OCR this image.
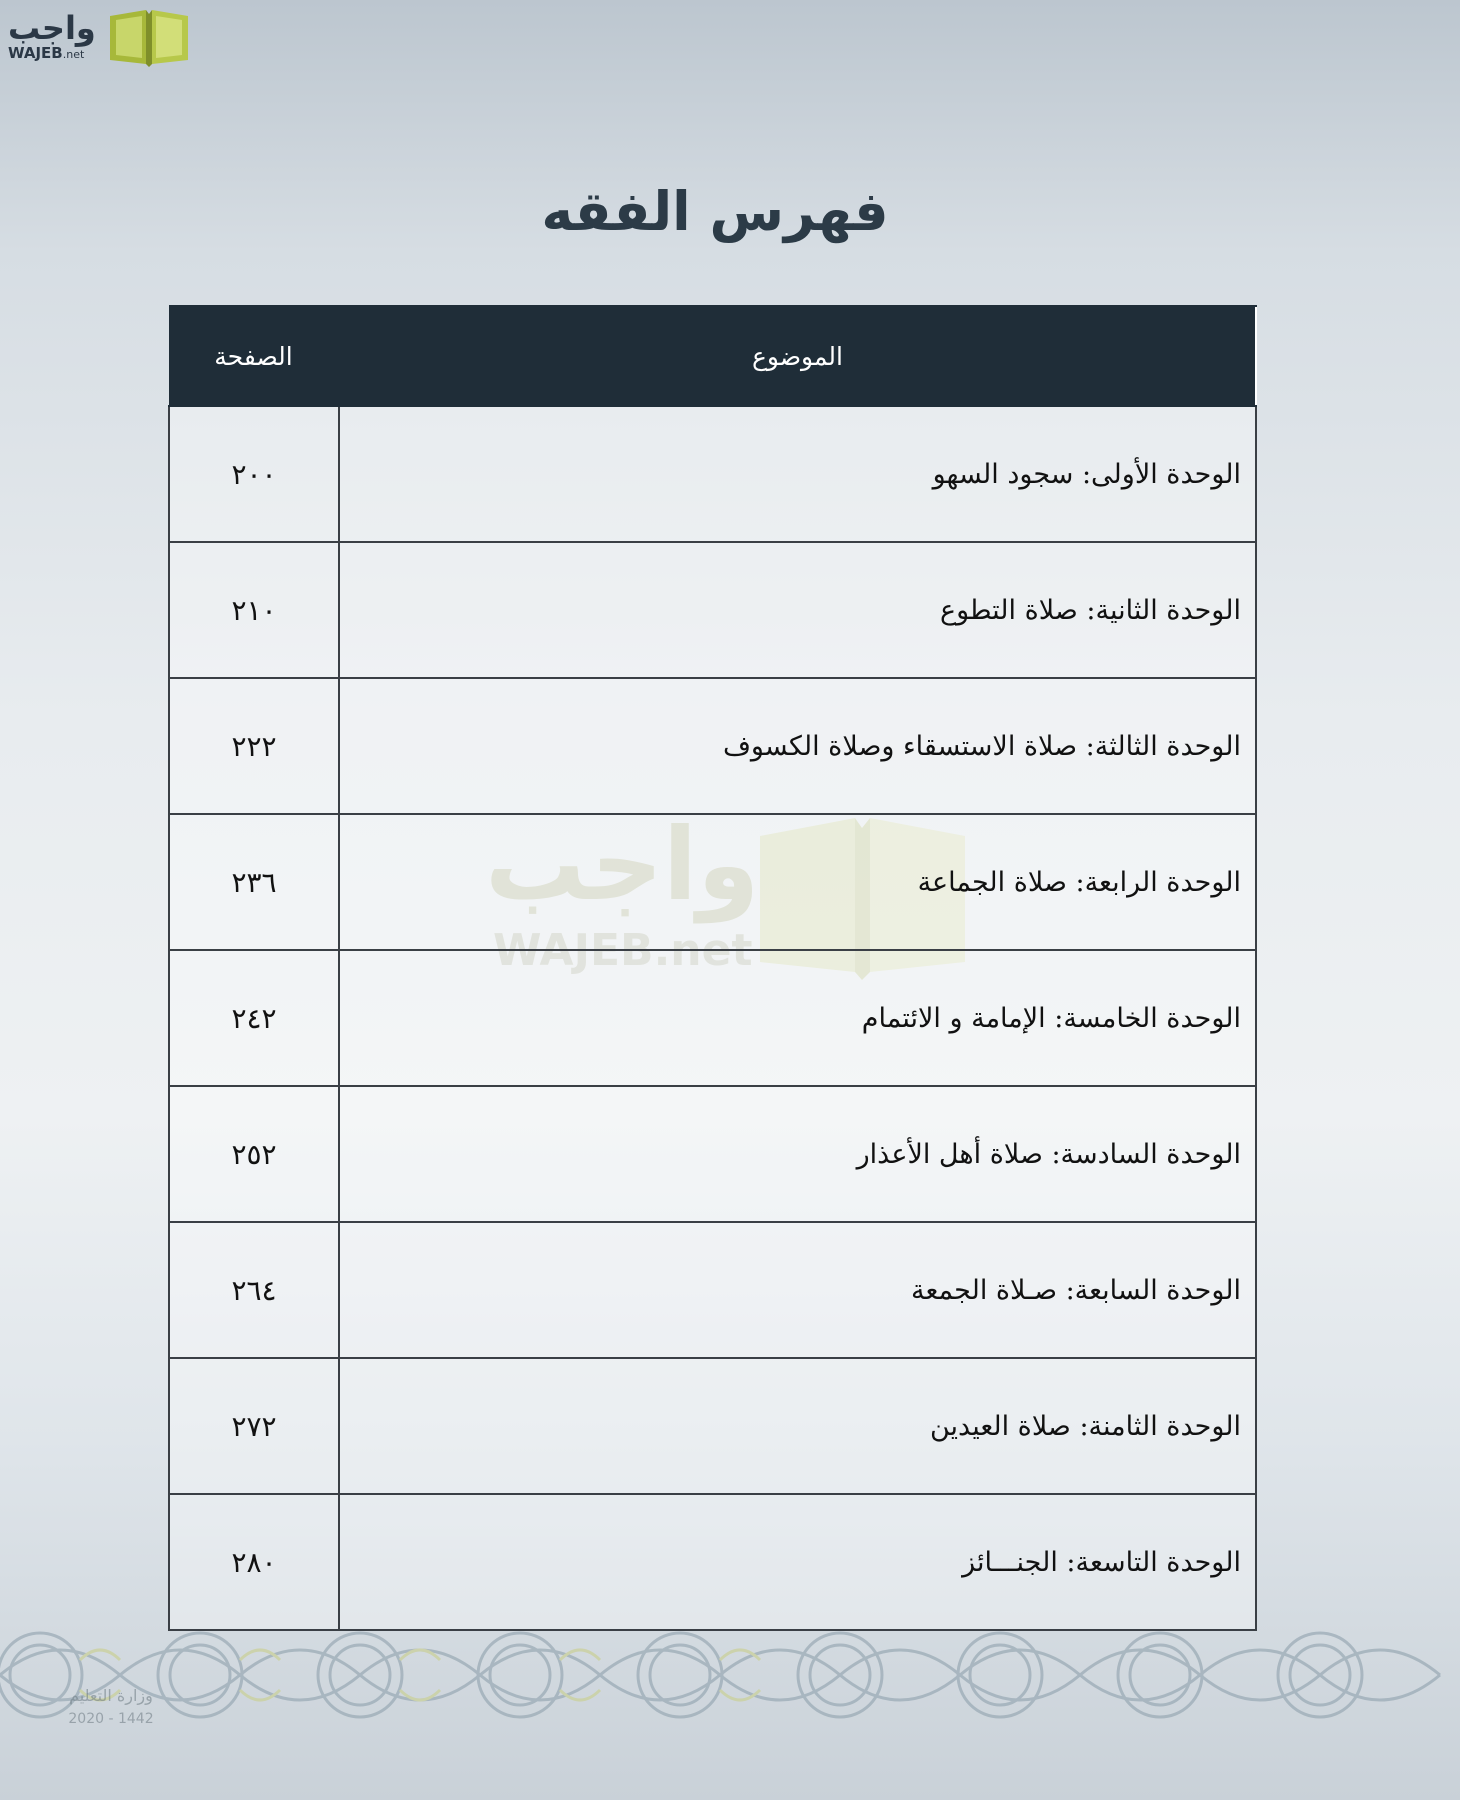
واجب
WAJEB.net
فهرس الفقه
واجب
WAJEB.net
الموضوع	الصفحة
الوحدة الأولى: سجود السهو	٢٠٠
الوحدة الثانية: صلاة التطوع	٢١٠
الوحدة الثالثة: صلاة الاستسقاء وصلاة الكسوف	٢٢٢
الوحدة الرابعة: صلاة الجماعة	٢٣٦
الوحدة الخامسة: الإمامة و الائتمام	٢٤٢
الوحدة السادسة: صلاة أهل الأعذار	٢٥٢
الوحدة السابعة: صـلاة الجمعة	٢٦٤
الوحدة الثامنة: صلاة العيدين	٢٧٢
الوحدة التاسعة: الجنـــائز	٢٨٠
وزارة التعليم
2020 - 1442
